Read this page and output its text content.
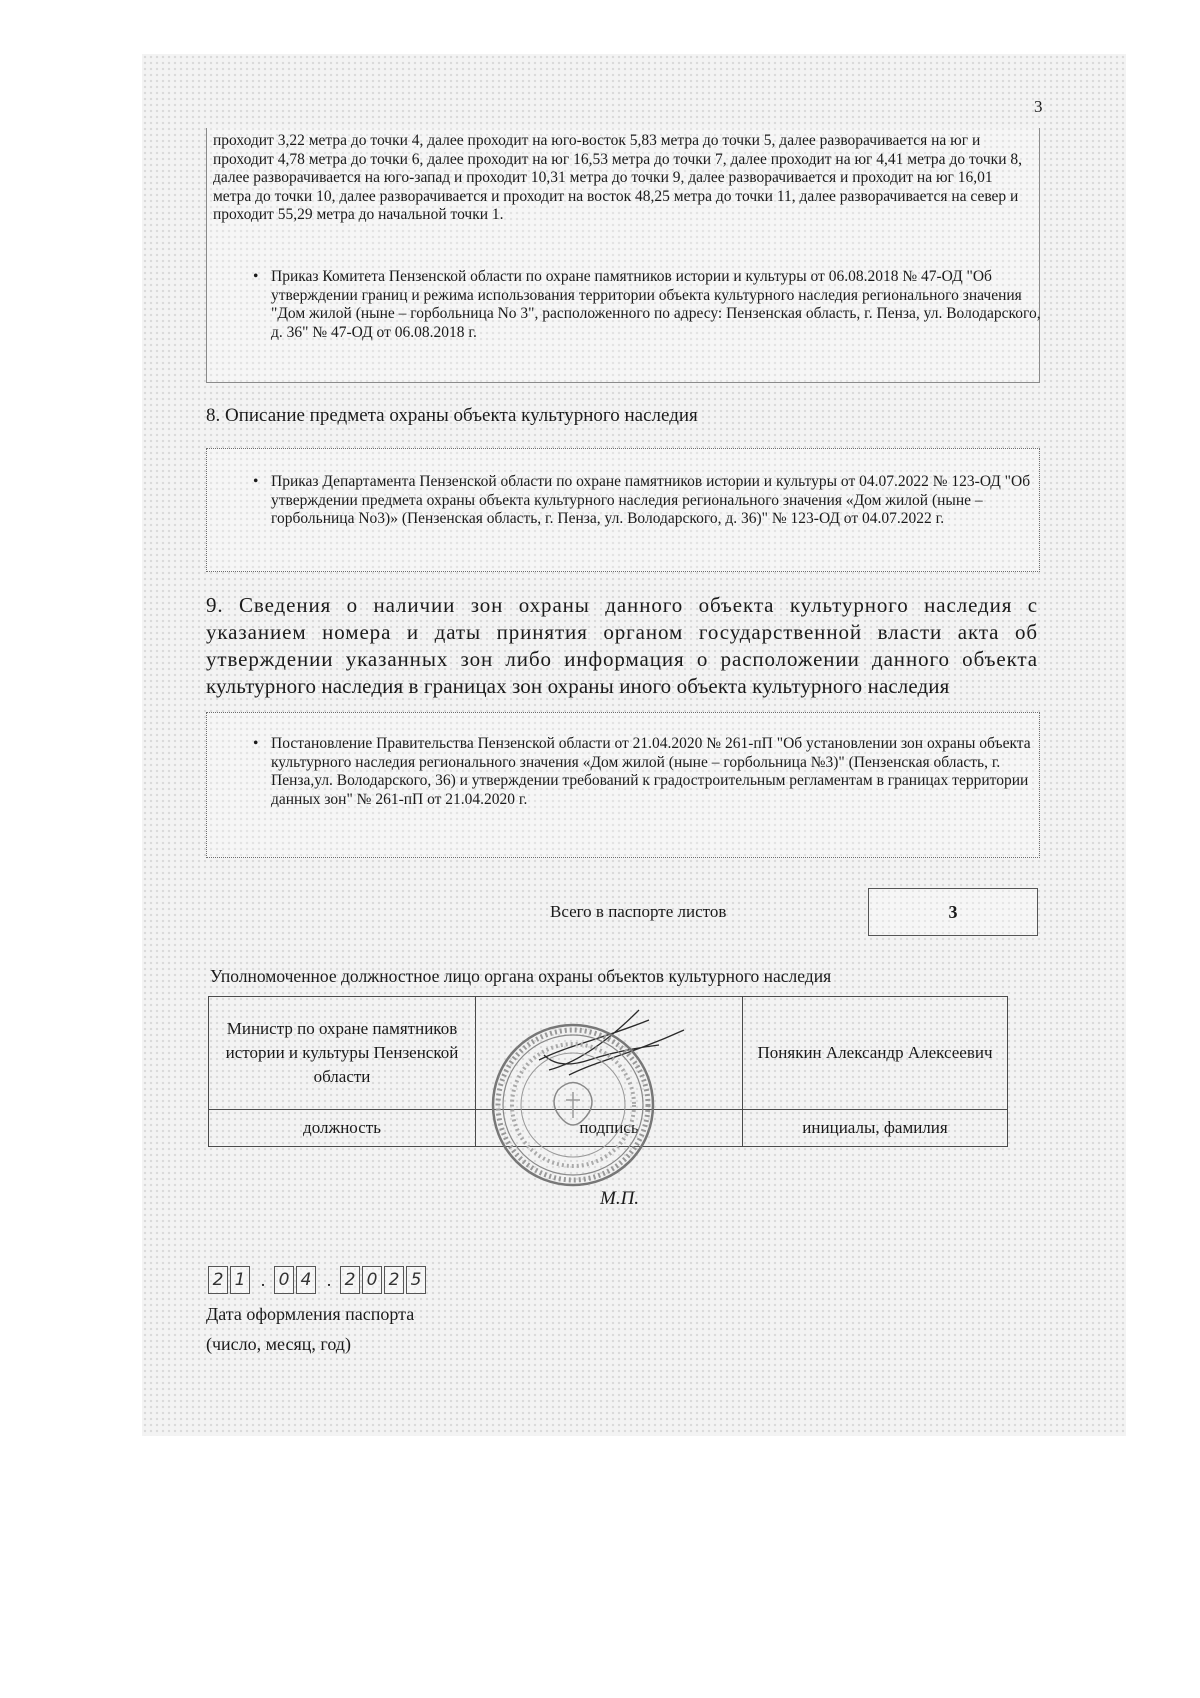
3
проходит 3,22 метра до точки 4, далее проходит на юго-восток 5,83 метра до точки 5, далее разворачивается на юг и проходит 4,78 метра до точки 6, далее проходит на юг 16,53 метра до точки 7, далее проходит на юг 4,41 метра до точки 8, далее разворачивается на юго-запад и проходит 10,31 метра до точки 9, далее разворачивается и проходит на юг 16,01 метра до точки 10, далее разворачивается и проходит на восток 48,25 метра до точки 11, далее разворачивается на север и проходит 55,29 метра до начальной точки 1.
• Приказ Комитета Пензенской области по охране памятников истории и культуры от 06.08.2018 № 47-ОД "Об утверждении границ и режима использования территории объекта культурного наследия регионального значения "Дом жилой (ныне – горбольница No 3", расположенного по адресу: Пензенская область, г. Пенза, ул. Володарского, д. 36" № 47-ОД от 06.08.2018 г.
8. Описание предмета охраны объекта культурного наследия
• Приказ Департамента Пензенской области по охране памятников истории и культуры от 04.07.2022 № 123-ОД "Об утверждении предмета охраны объекта культурного наследия регионального значения «Дом жилой (ныне – горбольница No3)» (Пензенская область, г. Пенза, ул. Володарского, д. 36)" № 123-ОД от 04.07.2022 г.
9. Сведения о наличии зон охраны данного объекта культурного наследия с указанием номера и даты принятия органом государственной власти акта об утверждении указанных зон либо информация о расположении данного объекта культурного наследия в границах зон охраны иного объекта культурного наследия
• Постановление Правительства Пензенской области от 21.04.2020 № 261-пП "Об установлении зон охраны объекта культурного наследия регионального значения «Дом жилой (ныне – горбольница №3)" (Пензенская область, г. Пенза,ул. Володарского, 36) и утверждении требований к градостроительным регламентам в границах территории данных зон" № 261-пП от 21.04.2020 г.
Всего в паспорте листов	3
Уполномоченное должностное лицо органа охраны объектов культурного наследия
Министр по охране памятников истории и культуры Пензенской области		Понякин Александр Алексеевич
должность	подпись	инициалы, фамилия
М.П.
2 1 . 0 4 . 2 0 2 5
Дата оформления паспорта
(число, месяц, год)
